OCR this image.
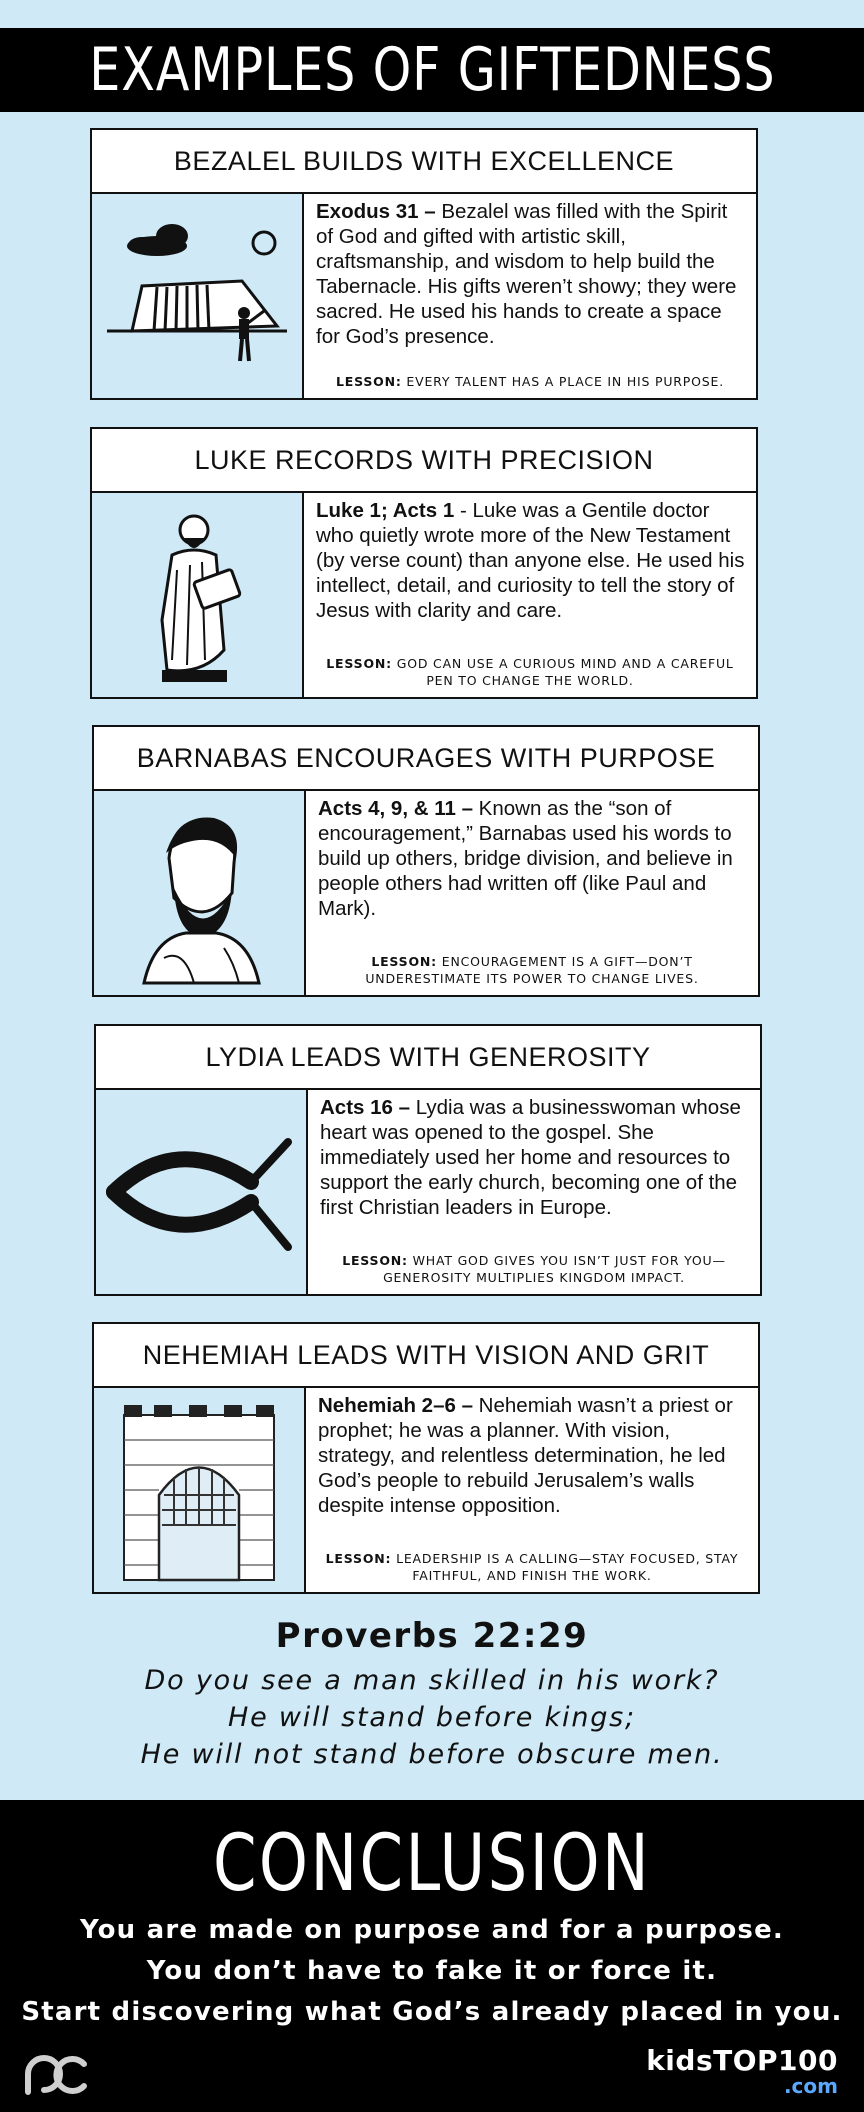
EXAMPLES OF GIFTEDNESS
BEZALEL BUILDS WITH EXCELLENCE

Exodus 31 – Bezalel was filled with the Spirit of God and gifted with artistic skill, craftsmanship, and wisdom to help build the Tabernacle. His gifts weren’t showy; they were sacred. He used his hands to create a space for God’s presence.

LESSON: EVERY TALENT HAS A PLACE IN HIS PURPOSE.
LUKE RECORDS WITH PRECISION

Luke 1; Acts 1 - Luke was a Gentile doctor who quietly wrote more of the New Testament (by verse count) than anyone else. He used his intellect, detail, and curiosity to tell the story of Jesus with clarity and care.

LESSON: GOD CAN USE A CURIOUS MIND AND A CAREFUL PEN TO CHANGE THE WORLD.
BARNABAS ENCOURAGES WITH PURPOSE

Acts 4, 9, & 11 – Known as the “son of encouragement,” Barnabas used his words to build up others, bridge division, and believe in people others had written off (like Paul and Mark).

LESSON: ENCOURAGEMENT IS A GIFT—DON’T UNDERESTIMATE ITS POWER TO CHANGE LIVES.
LYDIA LEADS WITH GENEROSITY

Acts 16 – Lydia was a businesswoman whose heart was opened to the gospel. She immediately used her home and resources to support the early church, becoming one of the first Christian leaders in Europe.

LESSON: WHAT GOD GIVES YOU ISN’T JUST FOR YOU—GENEROSITY MULTIPLIES KINGDOM IMPACT.
NEHEMIAH LEADS WITH VISION AND GRIT

Nehemiah 2–6 – Nehemiah wasn’t a priest or prophet; he was a planner. With vision, strategy, and relentless determination, he led God’s people to rebuild Jerusalem’s walls despite intense opposition.

LESSON: LEADERSHIP IS A CALLING—STAY FOCUSED, STAY FAITHFUL, AND FINISH THE WORK.

Proverbs 22:29

Do you see a man skilled in his work?

He will stand before kings;

He will not stand before obscure men.

CONCLUSION

You are made on purpose and for a purpose.

You don’t have to fake it or force it.

Start discovering what God’s already placed in you.

kidsTOP100
.com
